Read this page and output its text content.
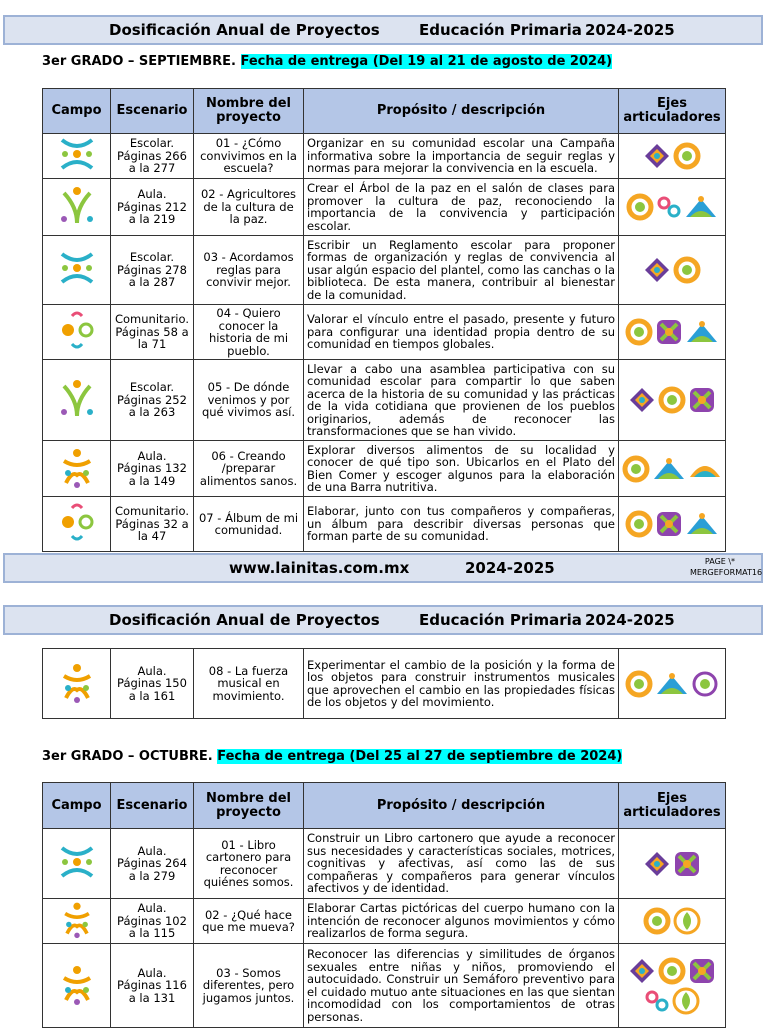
Dosificación Anual de Proyectos	Educación Primaria 2024-2025
3er GRADO – SEPTIEMBRE. Fecha de entrega (Del 19 al 21 de agosto de 2024)
Campo	Escenario	Nombre del proyecto	Propósito / descripción	Ejes articuladores
	Escolar. Páginas 266 a la 277	01 - ¿Cómo convivimos en la escuela?	Organizar en su comunidad escolar una Campaña informativa sobre la importancia de seguir reglas y normas para mejorar la convivencia en la escuela.	

	Aula. Páginas 212 a la 219	02 - Agricultores de la cultura de la paz.	Crear el Árbol de la paz en el salón de clases para promover la cultura de paz, reconociendo la importancia de la convivencia y participación escolar.	

	Escolar. Páginas 278 a la 287	03 - Acordamos reglas para convivir mejor.	Escribir un Reglamento escolar para proponer formas de organización y reglas de convivencia al usar algún espacio del plantel, como las canchas o la biblioteca. De esta manera, contribuir al bienestar de la comunidad.	

	Comunitario. Páginas 58 a la 71	04 - Quiero conocer la historia de mi pueblo.	Valorar el vínculo entre el pasado, presente y futuro para configurar una identidad propia dentro de su comunidad en tiempos globales.	

	Escolar. Páginas 252 a la 263	05 - De dónde venimos y por qué vivimos así.	Llevar a cabo una asamblea participativa con su comunidad escolar para compartir lo que saben acerca de la historia de su comunidad y las prácticas de la vida cotidiana que provienen de los pueblos originarios, además de reconocer las transformaciones que se han vivido.	

	Aula. Páginas 132 a la 149	06 - Creando /preparar alimentos sanos.	Explorar diversos alimentos de su localidad y conocer de qué tipo son. Ubicarlos en el Plato del Bien Comer y escoger algunos para la elaboración de una Barra nutritiva.	

	Comunitario. Páginas 32 a la 47	07 - Álbum de mi comunidad.	Elaborar, junto con tus compañeros y compañeras, un álbum para describir diversas personas que forman parte de su comunidad.	
www.lainitas.com.mx	2024-2025	PAGE \* MERGEFORMAT16
Dosificación Anual de Proyectos	Educación Primaria 2024-2025
	Aula. Páginas 150 a la 161	08 - La fuerza musical en movimiento.	Experimentar el cambio de la posición y la forma de los objetos para construir instrumentos musicales que aprovechen el cambio en las propiedades físicas de los objetos y del movimiento.	
3er GRADO – OCTUBRE. Fecha de entrega (Del 25 al 27 de septiembre de 2024)
Campo	Escenario	Nombre del proyecto	Propósito / descripción	Ejes articuladores
	Aula. Páginas 264 a la 279	01 - Libro cartonero para reconocer quiénes somos.	Construir un Libro cartonero que ayude a reconocer sus necesidades y características sociales, motrices, cognitivas y afectivas, así como las de sus compañeras y compañeros para generar vínculos afectivos y de identidad.	

	Aula. Páginas 102 a la 115	02 - ¿Qué hace que me mueva?	Elaborar Cartas pictóricas del cuerpo humano con la intención de reconocer algunos movimientos y cómo realizarlos de forma segura.	

	Aula. Páginas 116 a la 131	03 - Somos diferentes, pero jugamos juntos.	Reconocer las diferencias y similitudes de órganos sexuales entre niñas y niños, promoviendo el autocuidado. Construir un Semáforo preventivo para el cuidado mutuo ante situaciones en las que sientan incomodidad con los comportamientos de otras personas.	
